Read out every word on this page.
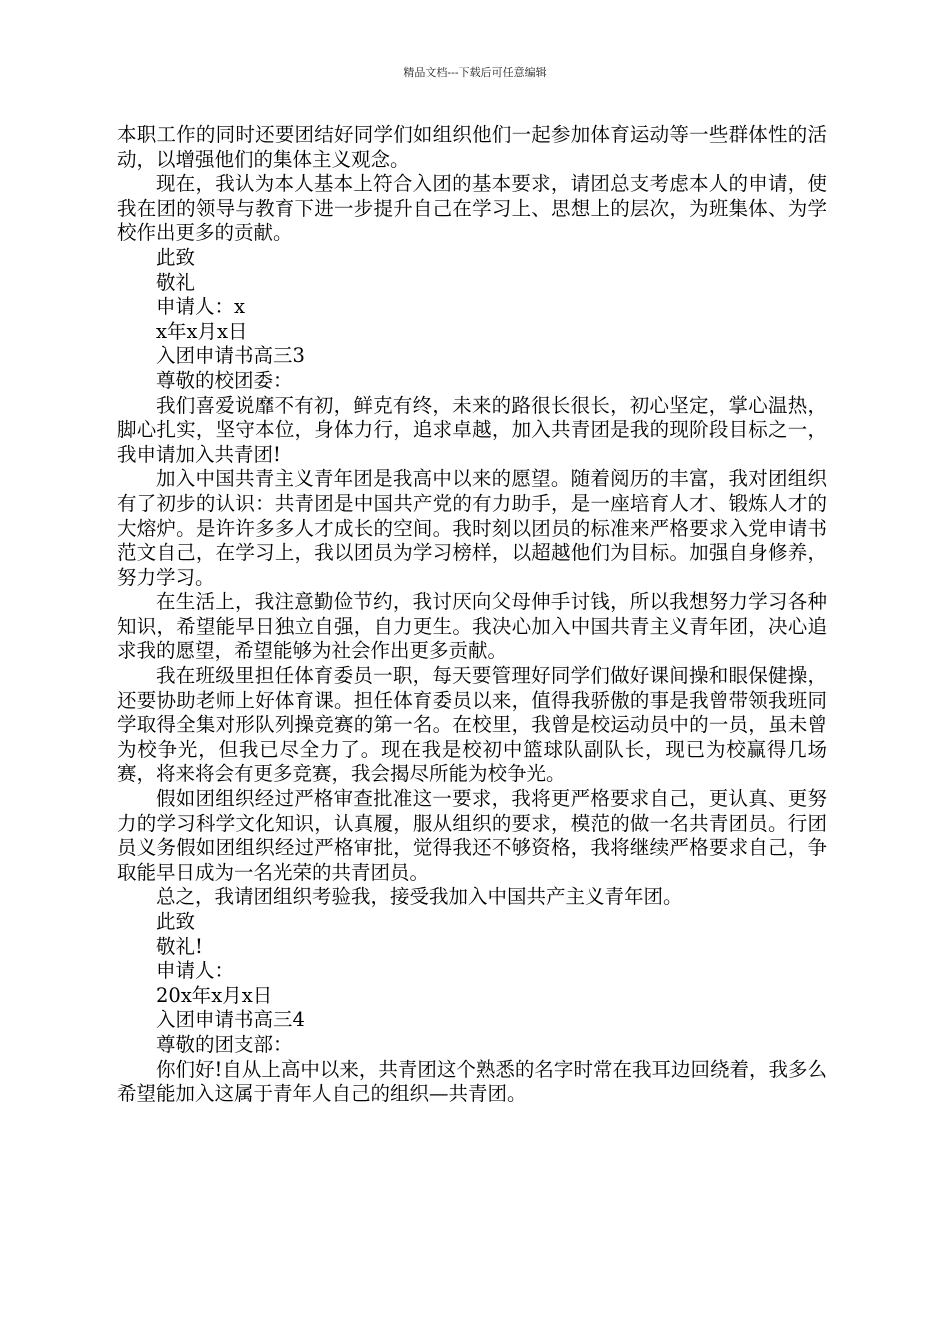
精品文档---下载后可任意编辑

本职工作的同时还要团结好同学们如组织他们一起参加体育运动等一些群体性的活动，以增强他们的集体主义观念。

现在，我认为本人基本上符合入团的基本要求，请团总支考虑本人的申请，使我在团的领导与教育下进一步提升自己在学习上、思想上的层次，为班集体、为学校作出更多的贡献。

此致

敬礼

申请人：x

x年x月x日

入团申请书高三3

尊敬的校团委：

我们喜爱说靡不有初，鲜克有终，未来的路很长很长，初心坚定，掌心温热，脚心扎实，坚守本位，身体力行，追求卓越，加入共青团是我的现阶段目标之一，我申请加入共青团!

加入中国共青主义青年团是我高中以来的愿望。随着阅历的丰富，我对团组织有了初步的认识：共青团是中国共产党的有力助手，是一座培育人才、锻炼人才的大熔炉。是许许多多人才成长的空间。我时刻以团员的标准来严格要求入党申请书范文自己，在学习上，我以团员为学习榜样，以超越他们为目标。加强自身修养，努力学习。

在生活上，我注意勤俭节约，我讨厌向父母伸手讨钱，所以我想努力学习各种知识，希望能早日独立自强，自力更生。我决心加入中国共青主义青年团，决心追求我的愿望，希望能够为社会作出更多贡献。

我在班级里担任体育委员一职，每天要管理好同学们做好课间操和眼保健操，还要协助老师上好体育课。担任体育委员以来，值得我骄傲的事是我曾带领我班同学取得全集对形队列操竞赛的第一名。在校里，我曾是校运动员中的一员，虽未曾为校争光，但我已尽全力了。现在我是校初中篮球队副队长，现已为校赢得几场赛，将来将会有更多竞赛，我会揭尽所能为校争光。

假如团组织经过严格审查批准这一要求，我将更严格要求自己，更认真、更努力的学习科学文化知识，认真履，服从组织的要求，模范的做一名共青团员。行团员义务假如团组织经过严格审批，觉得我还不够资格，我将继续严格要求自己，争取能早日成为一名光荣的共青团员。

总之，我请团组织考验我，接受我加入中国共产主义青年团。

此致

敬礼!

申请人：

20x年x月x日

入团申请书高三4

尊敬的团支部：

你们好!自从上高中以来，共青团这个熟悉的名字时常在我耳边回绕着，我多么希望能加入这属于青年人自己的组织—共青团。
